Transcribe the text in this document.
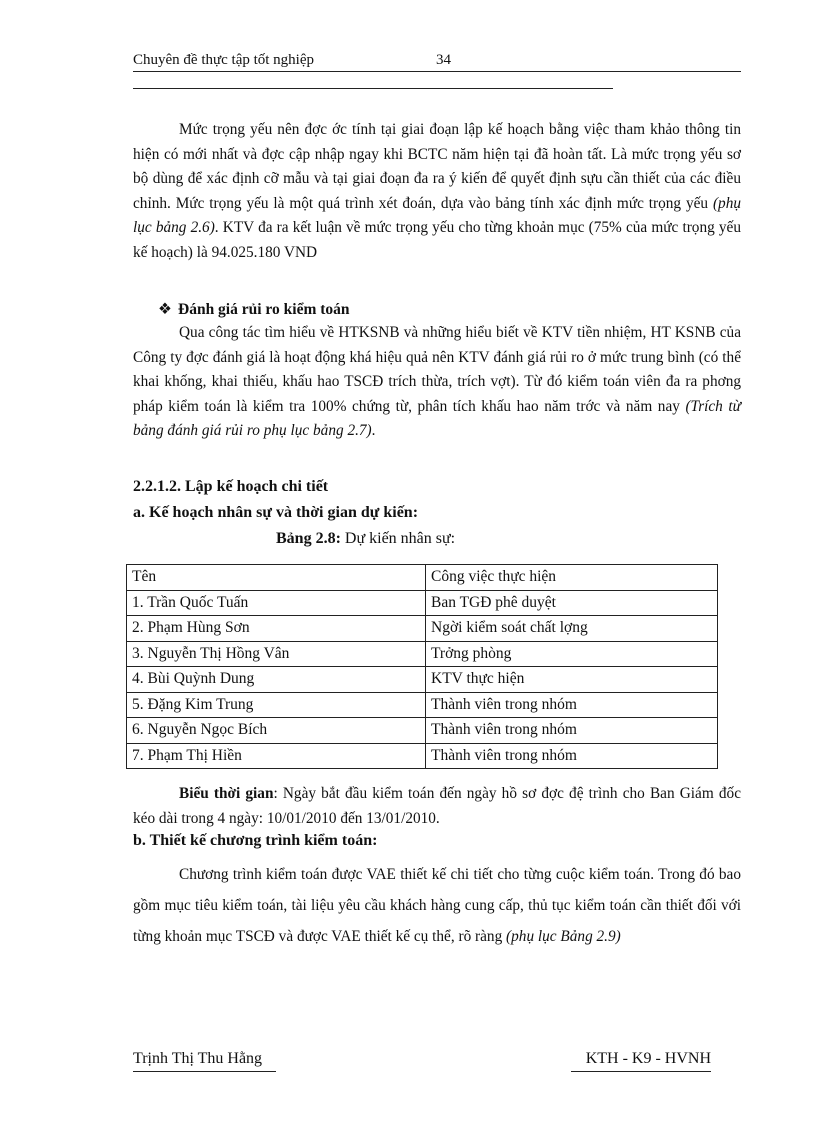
Chuyên đề thực tập tốt nghiệp	34

Mức trọng yếu nên đợc ớc tính tại giai đoạn lập kế hoạch bằng việc tham khảo thông tin hiện có mới nhất và đợc cập nhập ngay khi BCTC năm hiện tại đã hoàn tất. Là mức trọng yếu sơ bộ dùng để xác định cỡ mẫu và tại giai đoạn đa ra ý kiến để quyết định sựu cần thiết của các điều chỉnh. Mức trọng yếu là một quá trình xét đoán, dựa vào bảng tính xác định mức trọng yếu (phụ lục bảng 2.6). KTV đa ra kết luận về mức trọng yếu cho từng khoản mục (75% của mức trọng yếu kế hoạch) là 94.025.180 VND

❖ Đánh giá rủi ro kiểm toán

Qua công tác tìm hiểu về HTKSNB và những hiểu biết về KTV tiền nhiệm, HT KSNB của Công ty đợc đánh giá là hoạt động khá hiệu quả nên KTV đánh giá rủi ro ở mức trung bình (có thể khai khống, khai thiếu, khấu hao TSCĐ trích thừa, trích vợt). Từ đó kiểm toán viên đa ra phơng pháp kiểm toán là kiểm tra 100% chứng từ, phân tích khấu hao năm trớc và năm nay (Trích từ bảng đánh giá rủi ro phụ lục bảng 2.7).

2.2.1.2. Lập kế hoạch chi tiết
a. Kế hoạch nhân sự và thời gian dự kiến:
Bảng 2.8: Dự kiến nhân sự:
Tên	Công việc thực hiện
1. Trần Quốc Tuấn	Ban TGĐ phê duyệt
2. Phạm Hùng Sơn	Ngời kiểm soát chất lợng
3. Nguyễn Thị Hồng Vân	Trởng phòng
4. Bùi Quỳnh Dung	KTV thực hiện
5. Đặng Kim Trung	Thành viên trong nhóm
6. Nguyễn Ngọc Bích	Thành viên trong nhóm
7. Phạm Thị Hiền	Thành viên trong nhóm

Biểu thời gian: Ngày bắt đầu kiểm toán đến ngày hồ sơ đợc đệ trình cho Ban Giám đốc kéo dài trong 4 ngày: 10/01/2010 đến 13/01/2010.

b. Thiết kế chương trình kiểm toán:

Chương trình kiểm toán được VAE thiết kế chi tiết cho từng cuộc kiểm toán. Trong đó bao gồm mục tiêu kiểm toán, tài liệu yêu cầu khách hàng cung cấp, thủ tục kiểm toán cần thiết đối với từng khoản mục TSCĐ và được VAE thiết kế cụ thể, rõ ràng (phụ lục Bảng 2.9)

Trịnh Thị Thu Hằng	KTH - K9 - HVNH
